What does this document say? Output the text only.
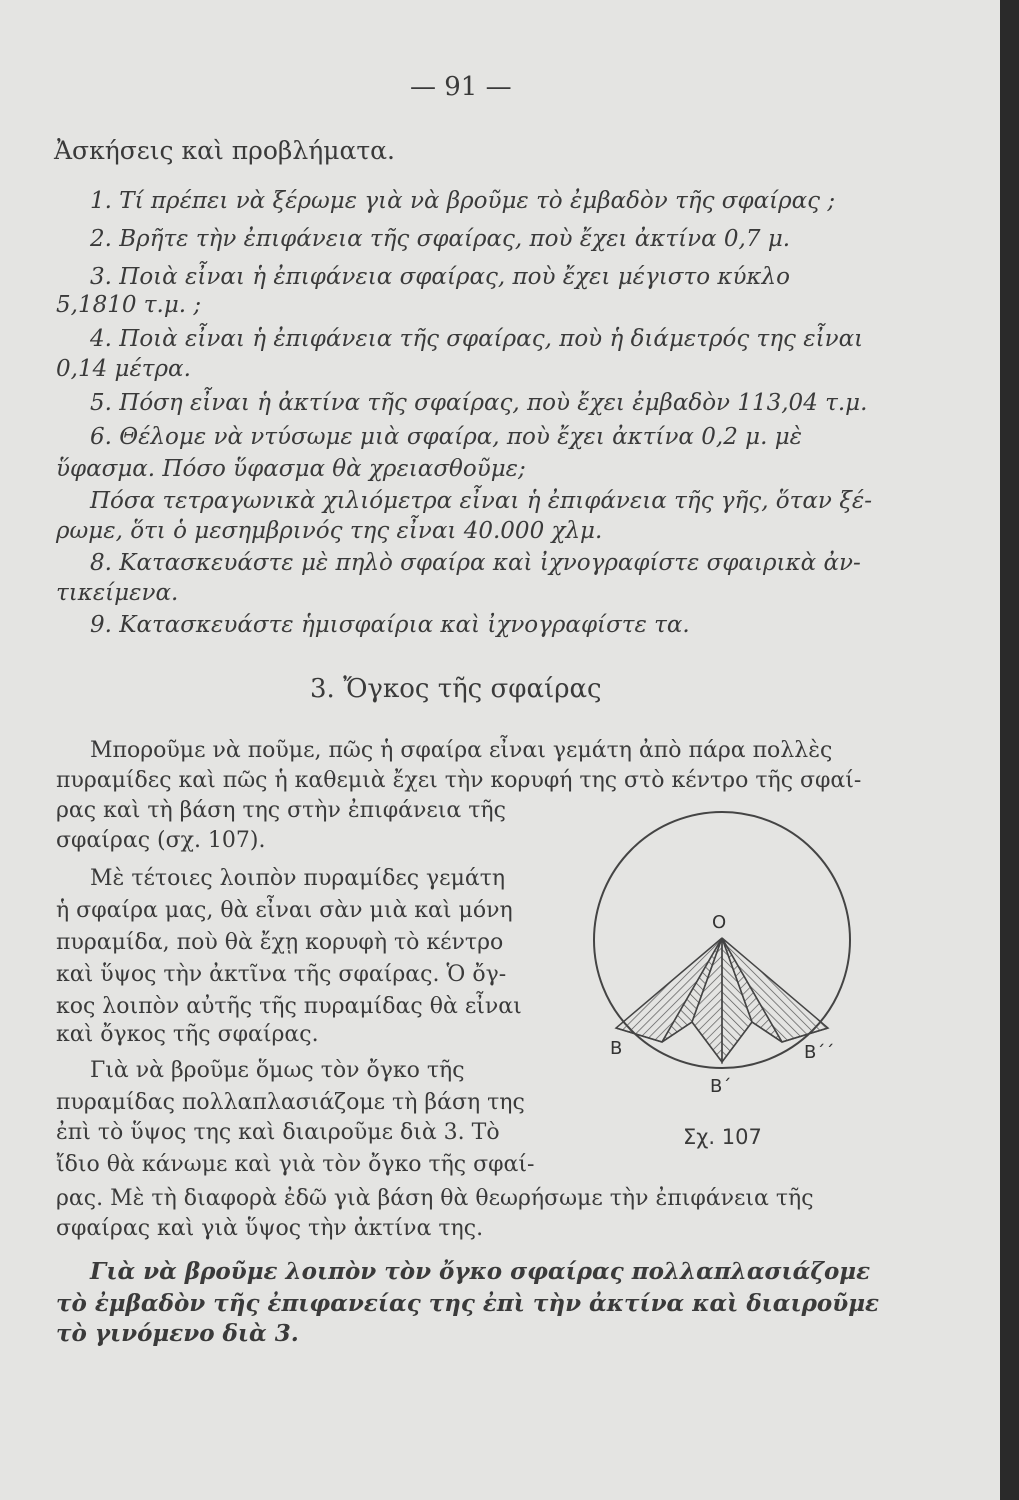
— 91 —
Ἀσκήσεις καὶ προβλήματα.
1. Τί πρέπει νὰ ξέρωμε γιὰ νὰ βροῦμε τὸ ἐμβαδὸν τῆς σφαίρας ;
2. Βρῆτε τὴν ἐπιφάνεια τῆς σφαίρας, ποὺ ἔχει ἀκτίνα 0,7 μ.
3. Ποιὰ εἶναι ἡ ἐπιφάνεια σφαίρας, ποὺ ἔχει μέγιστο κύκλο
5,1810 τ.μ. ;
4. Ποιὰ εἶναι ἡ ἐπιφάνεια τῆς σφαίρας, ποὺ ἡ διάμετρός της εἶναι
0,14 μέτρα.
5. Πόση εἶναι ἡ ἀκτίνα τῆς σφαίρας, ποὺ ἔχει ἐμβαδὸν 113,04 τ.μ.
6. Θέλομε νὰ ντύσωμε μιὰ σφαίρα, ποὺ ἔχει ἀκτίνα 0,2 μ. μὲ
ὕφασμα. Πόσο ὕφασμα θὰ χρειασθοῦμε;
Πόσα τετραγωνικὰ χιλιόμετρα εἶναι ἡ ἐπιφάνεια τῆς γῆς, ὅταν ξέ-
ρωμε, ὅτι ὁ μεσημβρινός της εἶναι 40.000 χλμ.
8. Κατασκευάστε μὲ πηλὸ σφαίρα καὶ ἰχνογραφίστε σφαιρικὰ ἀν-
τικείμενα.
9. Κατασκευάστε ἡμισφαίρια καὶ ἰχνογραφίστε τα.
3. Ὄγκος τῆς σφαίρας
Μποροῦμε νὰ ποῦμε, πῶς ἡ σφαίρα εἶναι γεμάτη ἀπὸ πάρα πολλὲς
πυραμίδες καὶ πῶς ἡ καθεμιὰ ἔχει τὴν κορυφή της στὸ κέντρο τῆς σφαί-
ρας καὶ τὴ βάση της στὴν ἐπιφάνεια τῆς
σφαίρας (σχ. 107).
Μὲ τέτοιες λοιπὸν πυραμίδες γεμάτη
ἡ σφαίρα μας, θὰ εἶναι σὰν μιὰ καὶ μόνη
πυραμίδα, ποὺ θὰ ἔχῃ κορυφὴ τὸ κέντρο
καὶ ὕψος τὴν ἀκτῖνα τῆς σφαίρας. Ὁ ὄγ-
κος λοιπὸν αὐτῆς τῆς πυραμίδας θὰ εἶναι
καὶ ὄγκος τῆς σφαίρας.
Γιὰ νὰ βροῦμε ὅμως τὸν ὄγκο τῆς
πυραμίδας πολλαπλασιάζομε τὴ βάση της
ἐπὶ τὸ ὕψος της καὶ διαιροῦμε διὰ 3. Τὸ
ἴδιο θὰ κάνωμε καὶ γιὰ τὸν ὄγκο τῆς σφαί-
ρας. Μὲ τὴ διαφορὰ ἐδῶ γιὰ βάση θὰ θεωρήσωμε τὴν ἐπιφάνεια τῆς
σφαίρας καὶ γιὰ ὕψος τὴν ἀκτίνα της.
Γιὰ νὰ βροῦμε λοιπὸν τὸν ὄγκο σφαίρας πολλαπλασιάζομε
τὸ ἐμβαδὸν τῆς ἐπιφανείας της ἐπὶ τὴν ἀκτίνα καὶ διαιροῦμε
τὸ γινόμενο διὰ 3.
O
B
B´
B´´
Σχ. 107
